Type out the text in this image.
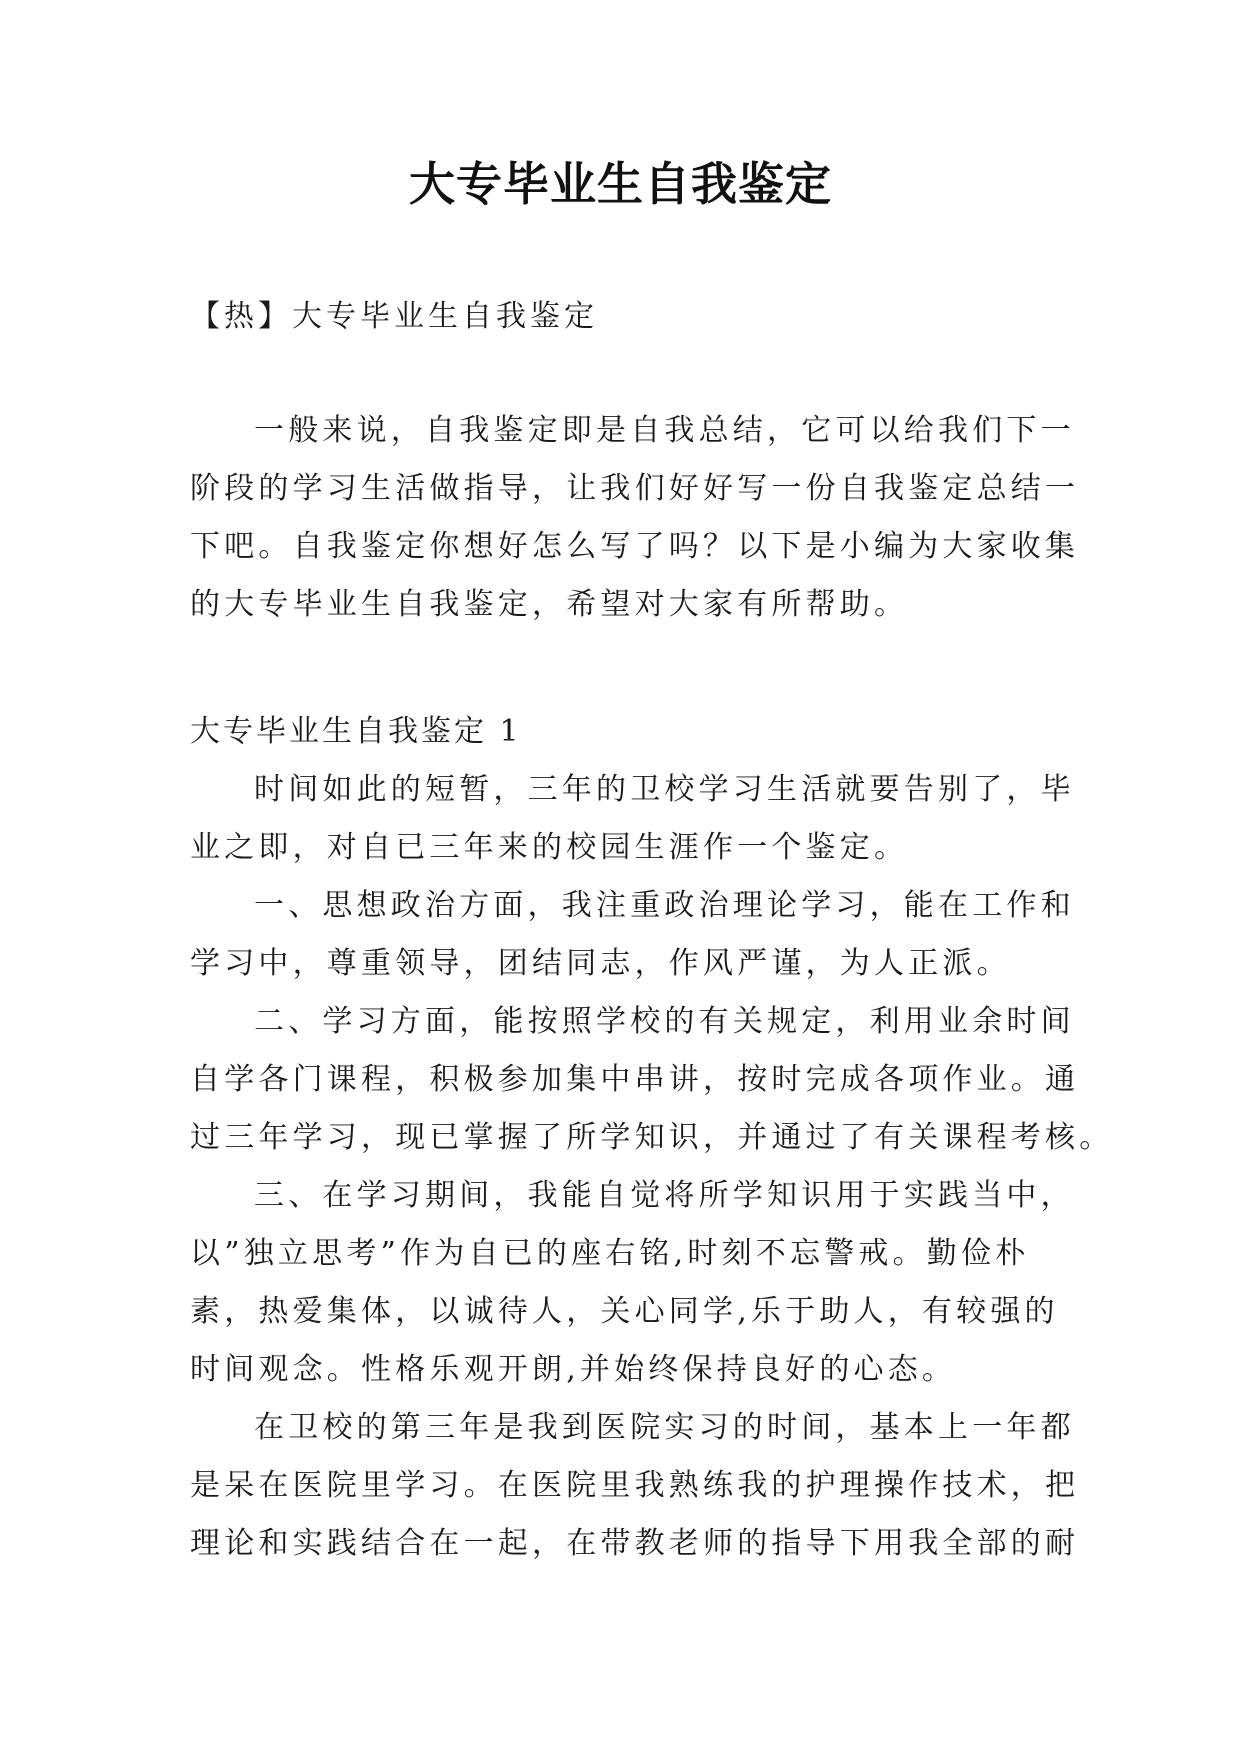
大专毕业生自我鉴定
【热】大专毕业生自我鉴定
一般来说，自我鉴定即是自我总结，它可以给我们下一
阶段的学习生活做指导，让我们好好写一份自我鉴定总结一
下吧。自我鉴定你想好怎么写了吗？以下是小编为大家收集
的大专毕业生自我鉴定，希望对大家有所帮助。
大专毕业生自我鉴定 1
时间如此的短暂，三年的卫校学习生活就要告别了，毕
业之即，对自已三年来的校园生涯作一个鉴定。
一、思想政治方面，我注重政治理论学习，能在工作和
学习中，尊重领导，团结同志，作风严谨，为人正派。
二、学习方面，能按照学校的有关规定，利用业余时间
自学各门课程，积极参加集中串讲，按时完成各项作业。通
过三年学习，现已掌握了所学知识，并通过了有关课程考核。
三、在学习期间，我能自觉将所学知识用于实践当中，
以”独立思考”作为自已的座右铭,时刻不忘警戒。勤俭朴
素，热爱集体，以诚待人，关心同学,乐于助人，有较强的
时间观念。性格乐观开朗,并始终保持良好的心态。
在卫校的第三年是我到医院实习的时间，基本上一年都
是呆在医院里学习。在医院里我熟练我的护理操作技术，把
理论和实践结合在一起，在带教老师的指导下用我全部的耐
